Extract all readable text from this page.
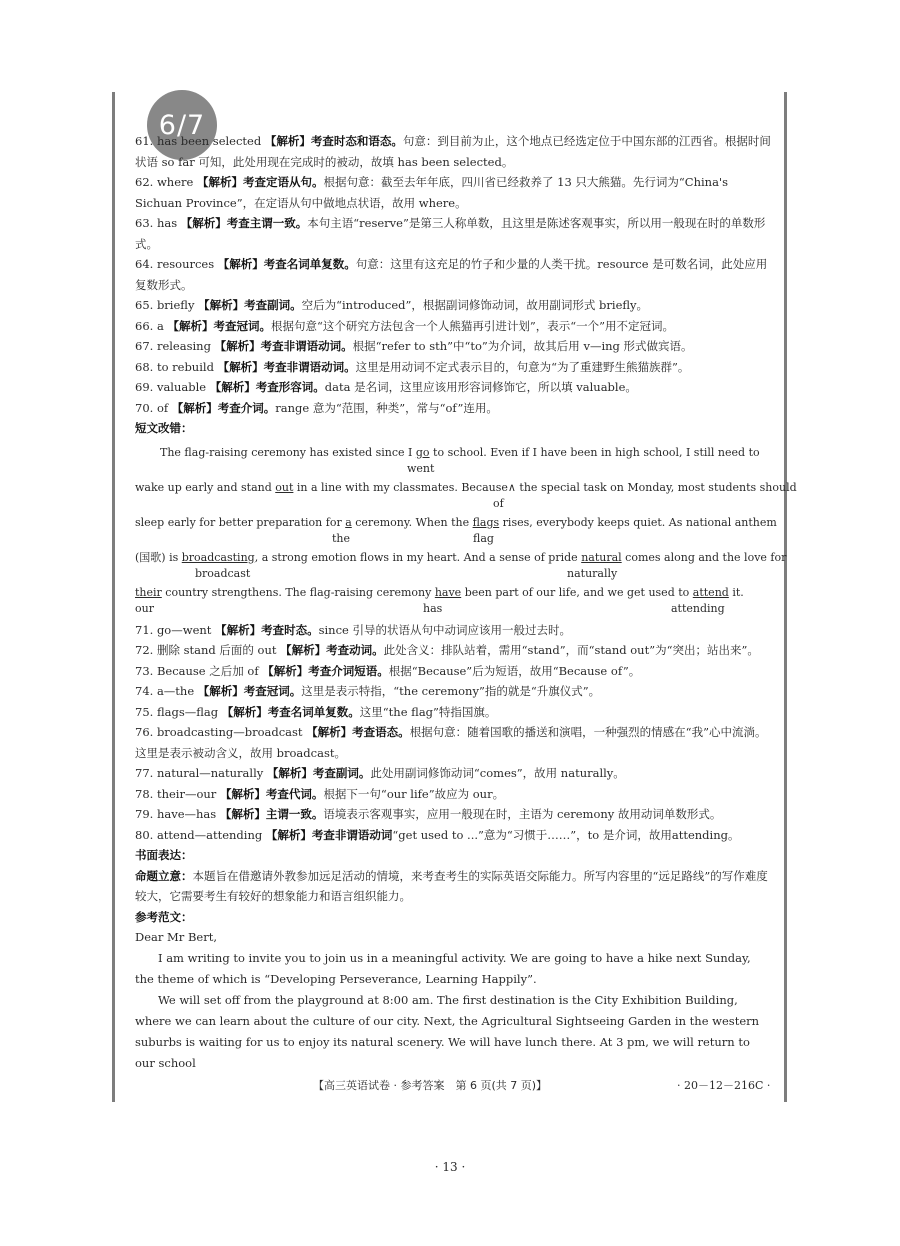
6/7

61. has been selected 【解析】考查时态和语态。句意：到目前为止，这个地点已经选定位于中国东部的江西省。根据时间状语 so far 可知，此处用现在完成时的被动，故填 has been selected。

62. where 【解析】考查定语从句。根据句意：截至去年年底，四川省已经救养了 13 只大熊猫。先行词为“China's Sichuan Province”，在定语从句中做地点状语，故用 where。

63. has 【解析】考查主谓一致。本句主语“reserve”是第三人称单数，且这里是陈述客观事实，所以用一般现在时的单数形式。

64. resources 【解析】考查名词单复数。句意：这里有这充足的竹子和少量的人类干扰。resource 是可数名词，此处应用复数形式。

65. briefly 【解析】考查副词。空后为“introduced”，根据副词修饰动词，故用副词形式 briefly。

66. a 【解析】考查冠词。根据句意“这个研究方法包含一个人熊猫再引进计划”，表示“一个”用不定冠词。

67. releasing 【解析】考查非谓语动词。根据“refer to sth”中“to”为介词，故其后用 v—ing 形式做宾语。

68. to rebuild 【解析】考查非谓语动词。这里是用动词不定式表示目的，句意为“为了重建野生熊猫族群”。

69. valuable 【解析】考查形容词。data 是名词，这里应该用形容词修饰它，所以填 valuable。

70. of 【解析】考查介词。range 意为“范围，种类”，常与“of”连用。

短文改错：

The flag-raising ceremony has existed since I go to school. Even if I have been in high school, I still need to
went
wake up early and stand out in a line with my classmates. Because∧ the special task on Monday, most students should
of
sleep early for better preparation for a ceremony. When the flags rises, everybody keeps quiet. As national anthem
the	flag
(国歌) is broadcasting, a strong emotion flows in my heart. And a sense of pride natural comes along and the love for
broadcast	naturally
their country strengthens. The flag-raising ceremony have been part of our life, and we get used to attend it.
our	has	attending

71. go—went 【解析】考查时态。since 引导的状语从句中动词应该用一般过去时。

72. 删除 stand 后面的 out 【解析】考查动词。此处含义：排队站着，需用“stand”，而“stand out”为“突出；站出来”。

73. Because 之后加 of 【解析】考查介词短语。根据“Because”后为短语，故用“Because of”。

74. a—the 【解析】考查冠词。这里是表示特指，“the ceremony”指的就是“升旗仪式”。

75. flags—flag 【解析】考查名词单复数。这里“the flag”特指国旗。

76. broadcasting—broadcast 【解析】考查语态。根据句意：随着国歌的播送和演唱，一种强烈的情感在“我”心中流淌。这里是表示被动含义，故用 broadcast。

77. natural—naturally 【解析】考查副词。此处用副词修饰动词“comes”，故用 naturally。

78. their—our 【解析】考查代词。根据下一句“our life”故应为 our。

79. have—has 【解析】主谓一致。语境表示客观事实，应用一般现在时，主语为 ceremony 故用动词单数形式。

80. attend—attending 【解析】考查非谓语动词“get used to ...”意为“习惯于……”，to 是介词，故用attending。

书面表达：

命题立意：本题旨在借邀请外教参加远足活动的情境，来考查考生的实际英语交际能力。所写内容里的“远足路线”的写作难度较大，它需要考生有较好的想象能力和语言组织能力。

参考范文：

Dear Mr Bert,

I am writing to invite you to join us in a meaningful activity. We are going to have a hike next Sunday, the theme of which is “Developing Perseverance, Learning Happily”.

We will set off from the playground at 8:00 am. The first destination is the City Exhibition Building, where we can learn about the culture of our city. Next, the Agricultural Sightseeing Garden in the western suburbs is waiting for us to enjoy its natural scenery. We will have lunch there. At 3 pm, we will return to our school

【高三英语试卷 · 参考答案　第 6 页(共 7 页)】	· 20－12－216C ·
· 13 ·
